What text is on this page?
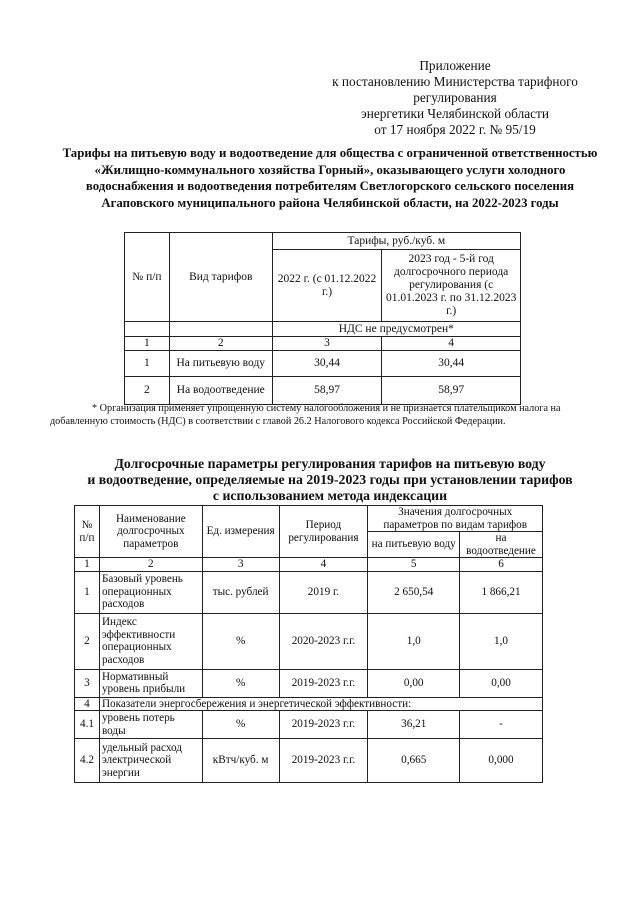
Приложение
к постановлению Министерства тарифного
регулирования
энергетики Челябинской области
от 17 ноября 2022 г. № 95/19
Тарифы на питьевую воду и водоотведение для общества с ограниченной ответственностью «Жилищно-коммунального хозяйства Горный», оказывающего услуги холодного водоснабжения и водоотведения потребителям Светлогорского сельского поселения Агаповского муниципального района Челябинской области, на 2022-2023 годы
№ п/п	Вид тарифов	Тарифы, руб./куб. м	
		2022 г. (с 01.12.2022 г.)	2023 год - 5-й год долгосрочного периода регулирования (с 01.01.2023 г. по 31.12.2023 г.)
		НДС не предусмотрен*	
1	2	3	4
1	На питьевую воду	30,44	30,44
2	На водоотведение	58,97	58,97
* Организация применяет упрощенную систему налогообложения и не признается плательщиком налога на добавленную стоимость (НДС) в соответствии с главой 26.2 Налогового кодекса Российской Федерации.
Долгосрочные параметры регулирования тарифов на питьевую воду
и водоотведение, определяемые на 2019-2023 годы при установлении тарифов
с использованием метода индексации
№ п/п	Наименование долгосрочных параметров	Ед. измерения	Период регулирования	Значения долгосрочных параметров по видам тарифов	
				на питьевую воду	на водоотведение
1	2	3	4	5	6
1	Базовый уровень операционных расходов	тыс. рублей	2019 г.	2 650,54	1 866,21
2	Индекс эффективности операционных расходов	%	2020-2023 г.г.	1,0	1,0
3	Нормативный уровень прибыли	%	2019-2023 г.г.	0,00	0,00
4	Показатели энергосбережения и энергетической эффективности:				
4.1	уровень потерь воды	%	2019-2023 г.г.	36,21	-
4.2	удельный расход электрической энергии	кВтч/куб. м	2019-2023 г.г.	0,665	0,000
